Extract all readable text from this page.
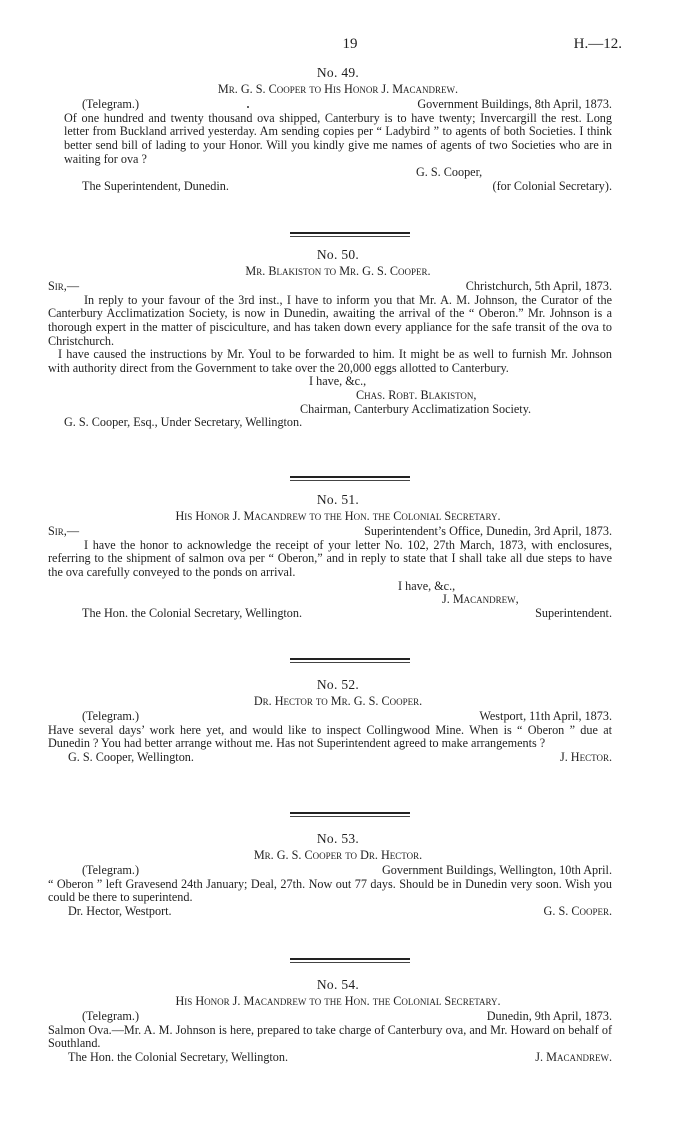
19	H.—12.
No. 49.
Mr. G. S. Cooper to His Honor J. Macandrew.
(Telegram.)	Government Buildings, 8th April, 1873.
Of one hundred and twenty thousand ova shipped, Canterbury is to have twenty; Invercargill the rest. Long letter from Buckland arrived yesterday. Am sending copies per “ Ladybird ” to agents of both Societies. I think better send bill of lading to your Honor. Will you kindly give me names of agents of two Societies who are in waiting for ova ?
G. S. Cooper,
The Superintendent, Dunedin.	(for Colonial Secretary).
No. 50.
Mr. Blakiston to Mr. G. S. Cooper.
Sir,—	Christchurch, 5th April, 1873.
In reply to your favour of the 3rd inst., I have to inform you that Mr. A. M. Johnson, the Curator of the Canterbury Acclimatization Society, is now in Dunedin, awaiting the arrival of the “ Oberon.” Mr. Johnson is a thorough expert in the matter of pisciculture, and has taken down every appliance for the safe transit of the ova to Christchurch.
I have caused the instructions by Mr. Youl to be forwarded to him. It might be as well to furnish Mr. Johnson with authority direct from the Government to take over the 20,000 eggs allotted to Canterbury.
I have, &c.,
Chas. Robt. Blakiston,
Chairman, Canterbury Acclimatization Society.
G. S. Cooper, Esq., Under Secretary, Wellington.
No. 51.
His Honor J. Macandrew to the Hon. the Colonial Secretary.
Sir,—	Superintendent’s Office, Dunedin, 3rd April, 1873.
I have the honor to acknowledge the receipt of your letter No. 102, 27th March, 1873, with enclosures, referring to the shipment of salmon ova per “ Oberon,” and in reply to state that I shall take all due steps to have the ova carefully conveyed to the ponds on arrival.
I have, &c.,
J. Macandrew,
The Hon. the Colonial Secretary, Wellington.	Superintendent.
No. 52.
Dr. Hector to Mr. G. S. Cooper.
(Telegram.)	Westport, 11th April, 1873.
Have several days’ work here yet, and would like to inspect Collingwood Mine. When is “ Oberon ” due at Dunedin ? You had better arrange without me. Has not Superintendent agreed to make arrangements ?
G. S. Cooper, Wellington.	J. Hector.
No. 53.
Mr. G. S. Cooper to Dr. Hector.
(Telegram.)	Government Buildings, Wellington, 10th April.
“ Oberon ” left Gravesend 24th January; Deal, 27th. Now out 77 days. Should be in Dunedin very soon. Wish you could be there to superintend.
Dr. Hector, Westport.	G. S. Cooper.
No. 54.
His Honor J. Macandrew to the Hon. the Colonial Secretary.
(Telegram.)	Dunedin, 9th April, 1873.
Salmon Ova.—Mr. A. M. Johnson is here, prepared to take charge of Canterbury ova, and Mr. Howard on behalf of Southland.
The Hon. the Colonial Secretary, Wellington.	J. Macandrew.
